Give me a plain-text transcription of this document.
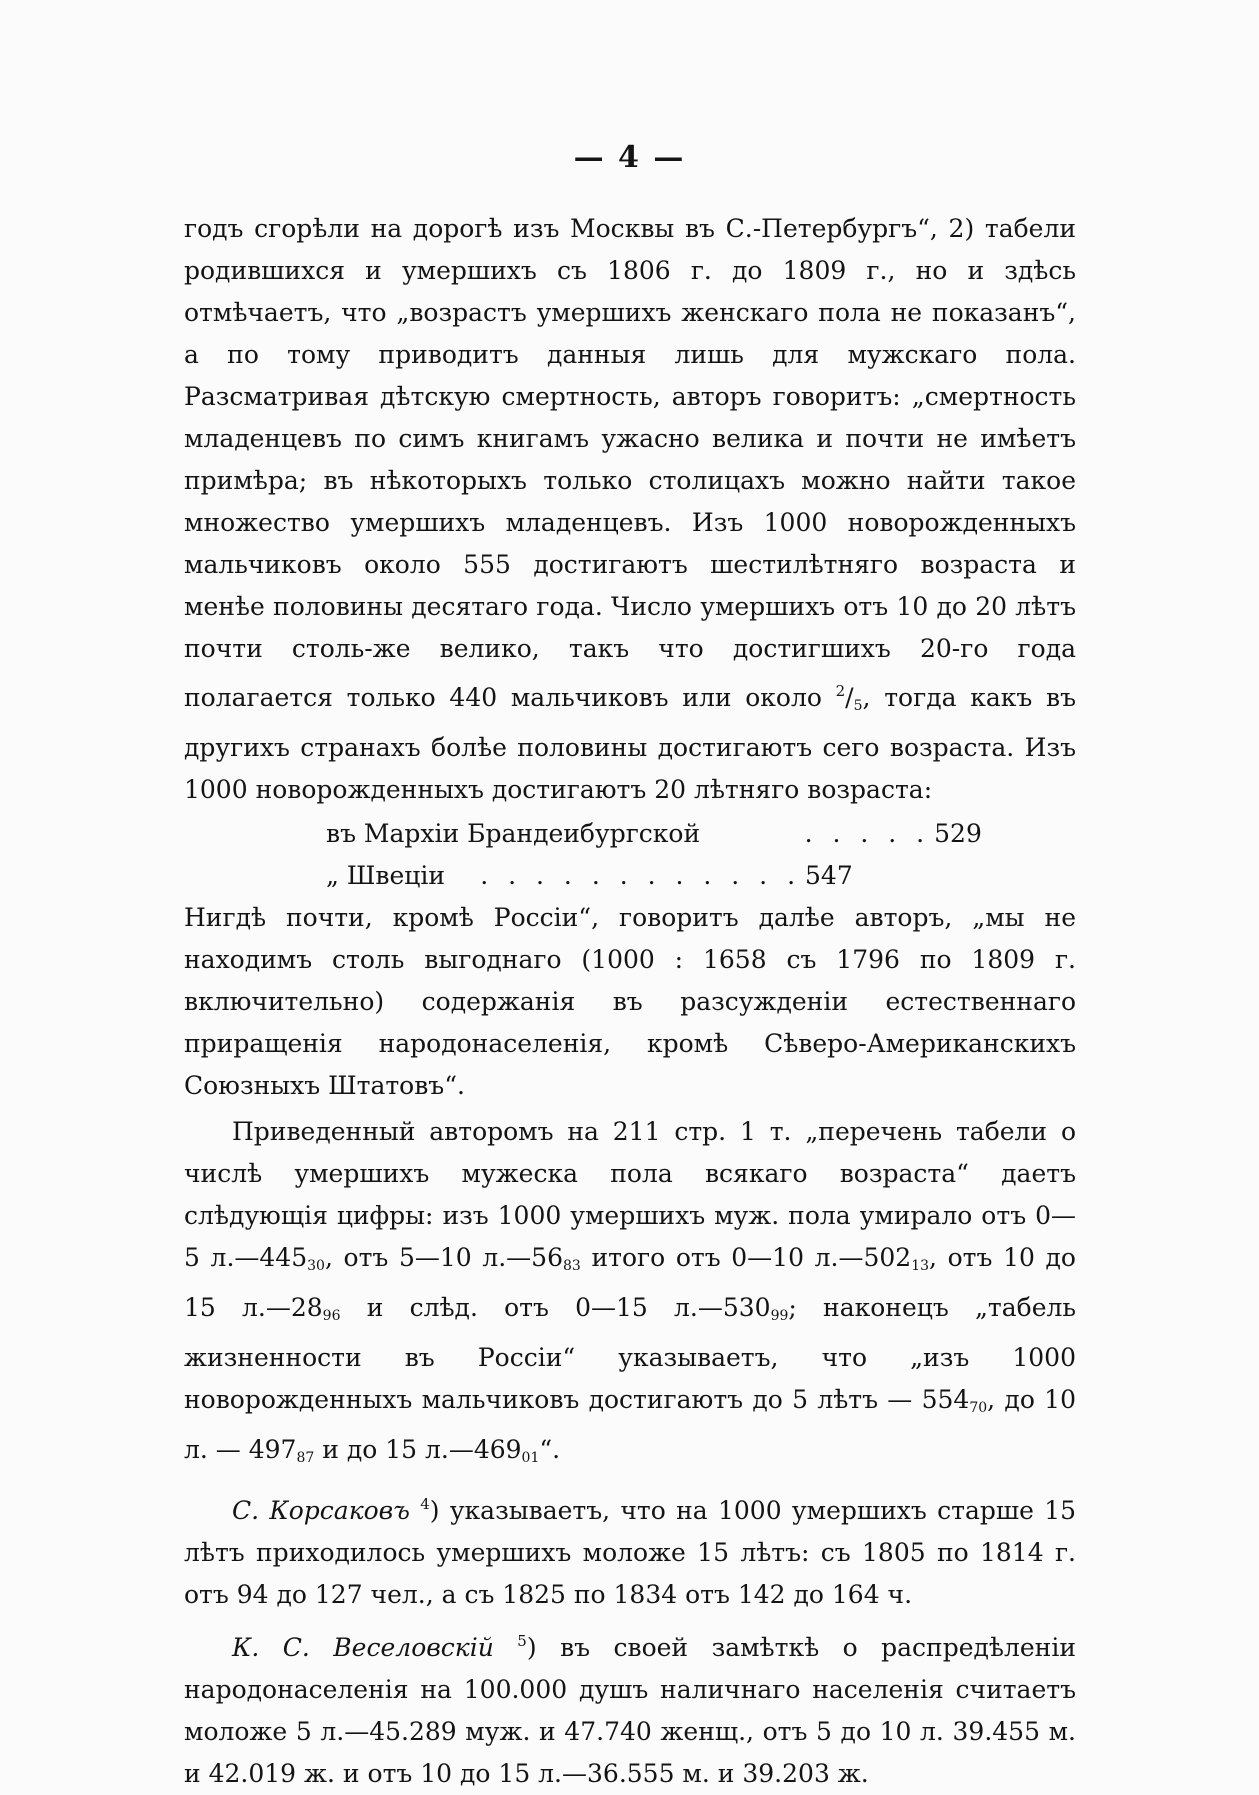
— 4 —

годъ сгорѣли на дорогѣ изъ Москвы въ С.-Петербургъ“, 2) табели родившихся и умершихъ съ 1806 г. до 1809 г., но и здѣсь отмѣчаетъ, что „возрастъ умершихъ женскаго пола не показанъ“, а по тому приводитъ данныя лишь для мужскаго пола. Разсматривая дѣтскую смертность, авторъ говоритъ: „смертность младенцевъ по симъ книгамъ ужасно велика и почти не имѣетъ примѣра; въ нѣкоторыхъ только столицахъ можно найти такое множество умершихъ младенцевъ. Изъ 1000 новорожденныхъ мальчиковъ около 555 достигаютъ шестилѣтняго возраста и менѣе половины десятаго года. Число умершихъ отъ 10 до 20 лѣтъ почти столь-же велико, такъ что достигшихъ 20-го года полагается только 440 мальчиковъ или около $^2/_5$, тогда какъ въ другихъ странахъ болѣе половины достигаютъ сего возраста. Изъ 1000 новорожденныхъ достигаютъ 20 лѣтняго возраста:

въ Мархіи Брандеибургской	. . . . . 529
„ Швеціи	. . . . . . . . . . . . 547

Нигдѣ почти, кромѣ Россіи“, говоритъ далѣе авторъ, „мы не находимъ столь выгоднаго (1000 : 1658 съ 1796 по 1809 г. включительно) содержанія въ разсужденіи естественнаго приращенія народонаселенія, кромѣ Сѣверо-Американскихъ Союзныхъ Штатовъ“.

Приведенный авторомъ на 211 стр. 1 т. „перечень табели о числѣ умершихъ мужеска пола всякаго возраста“ даетъ слѣдующія цифры: изъ 1000 умершихъ муж. пола умирало отъ 0—5 $л.—445_{30}$, отъ 5—10 $л.—56_{83}$ итого отъ 0—10 $л.—502_{13}$, отъ 10 до 15 $л.—28_{96}$ и слѣд. отъ 0—15 $л.—530_{99}$; наконецъ „табель жизненности въ Россіи“ указываетъ, что „изъ 1000 новорожденныхъ мальчиковъ достигаютъ до 5 лѣтъ — $554_{70}$, до 10 л. — $497_{87}$ и до 15 $л.—469_{01}“$.

С. Корсаковъ $^4$) указываетъ, что на 1000 умершихъ старше 15 лѣтъ приходилось умершихъ моложе 15 лѣтъ: съ 1805 по 1814 г. отъ 94 до 127 чел., а съ 1825 по 1834 отъ 142 до 164 ч.

К. С. Веселовскій $^5$) въ своей замѣткѣ о распредѣленіи народонаселенія на 100.000 душъ наличнаго населенія считаетъ моложе 5 л.—45.289 муж. и 47.740 женщ., отъ 5 до 10 л. 39.455 м. и 42.019 ж. и отъ 10 до 15 л.—36.555 м. и 39.203 ж.
